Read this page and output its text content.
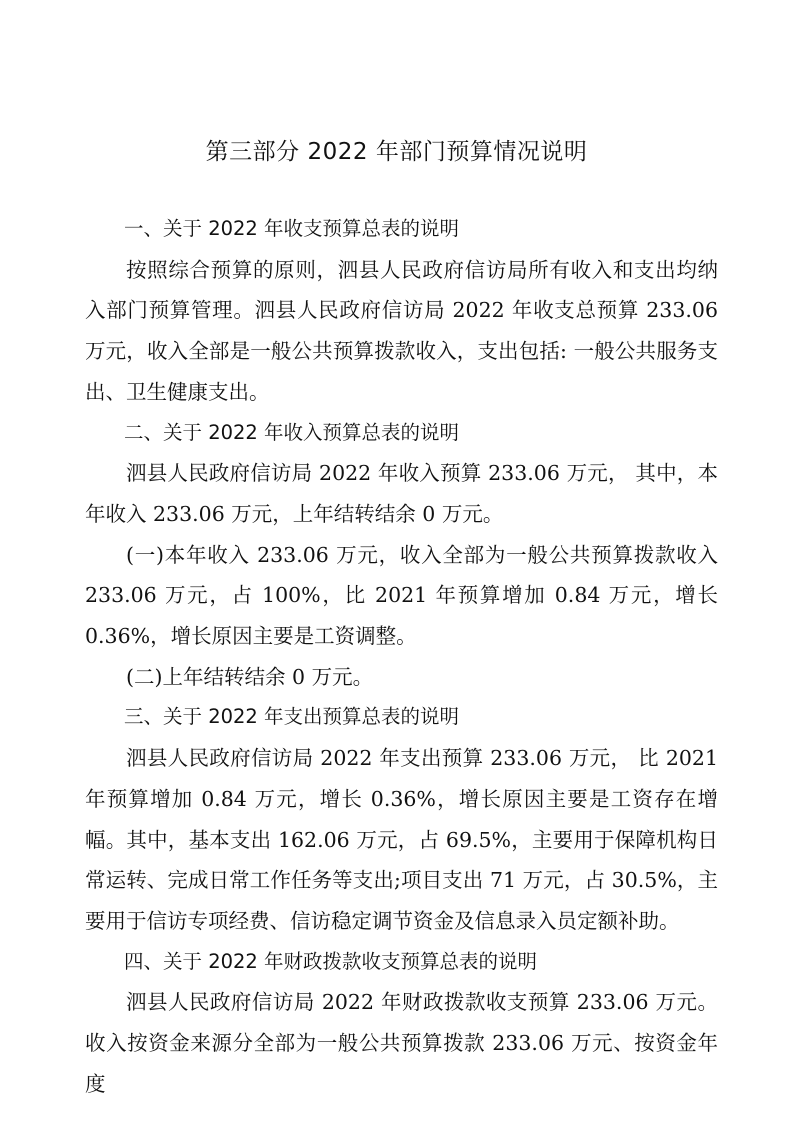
第三部分 2022 年部门预算情况说明

一、关于 2022 年收支预算总表的说明

按照综合预算的原则，泗县人民政府信访局所有收入和支出均纳入部门预算管理。泗县人民政府信访局 2022 年收支总预算 233.06 万元，收入全部是一般公共预算拨款收入，支出包括: 一般公共服务支出、卫生健康支出。

二、关于 2022 年收入预算总表的说明

泗县人民政府信访局 2022 年收入预算 233.06 万元， 其中，本年收入 233.06 万元，上年结转结余 0 万元。

(一)本年收入 233.06 万元，收入全部为一般公共预算拨款收入 233.06 万元，占 100%，比 2021 年预算增加 0.84 万元，增长 0.36%，增长原因主要是工资调整。

(二)上年结转结余 0 万元。

三、关于 2022 年支出预算总表的说明

泗县人民政府信访局 2022 年支出预算 233.06 万元， 比 2021 年预算增加 0.84 万元，增长 0.36%，增长原因主要是工资存在增幅。其中，基本支出 162.06 万元，占 69.5%，主要用于保障机构日常运转、完成日常工作任务等支出;项目支出 71 万元，占 30.5%，主要用于信访专项经费、信访稳定调节资金及信息录入员定额补助。

四、关于 2022 年财政拨款收支预算总表的说明

泗县人民政府信访局 2022 年财政拨款收支预算 233.06 万元。收入按资金来源分全部为一般公共预算拨款 233.06 万元、按资金年度
